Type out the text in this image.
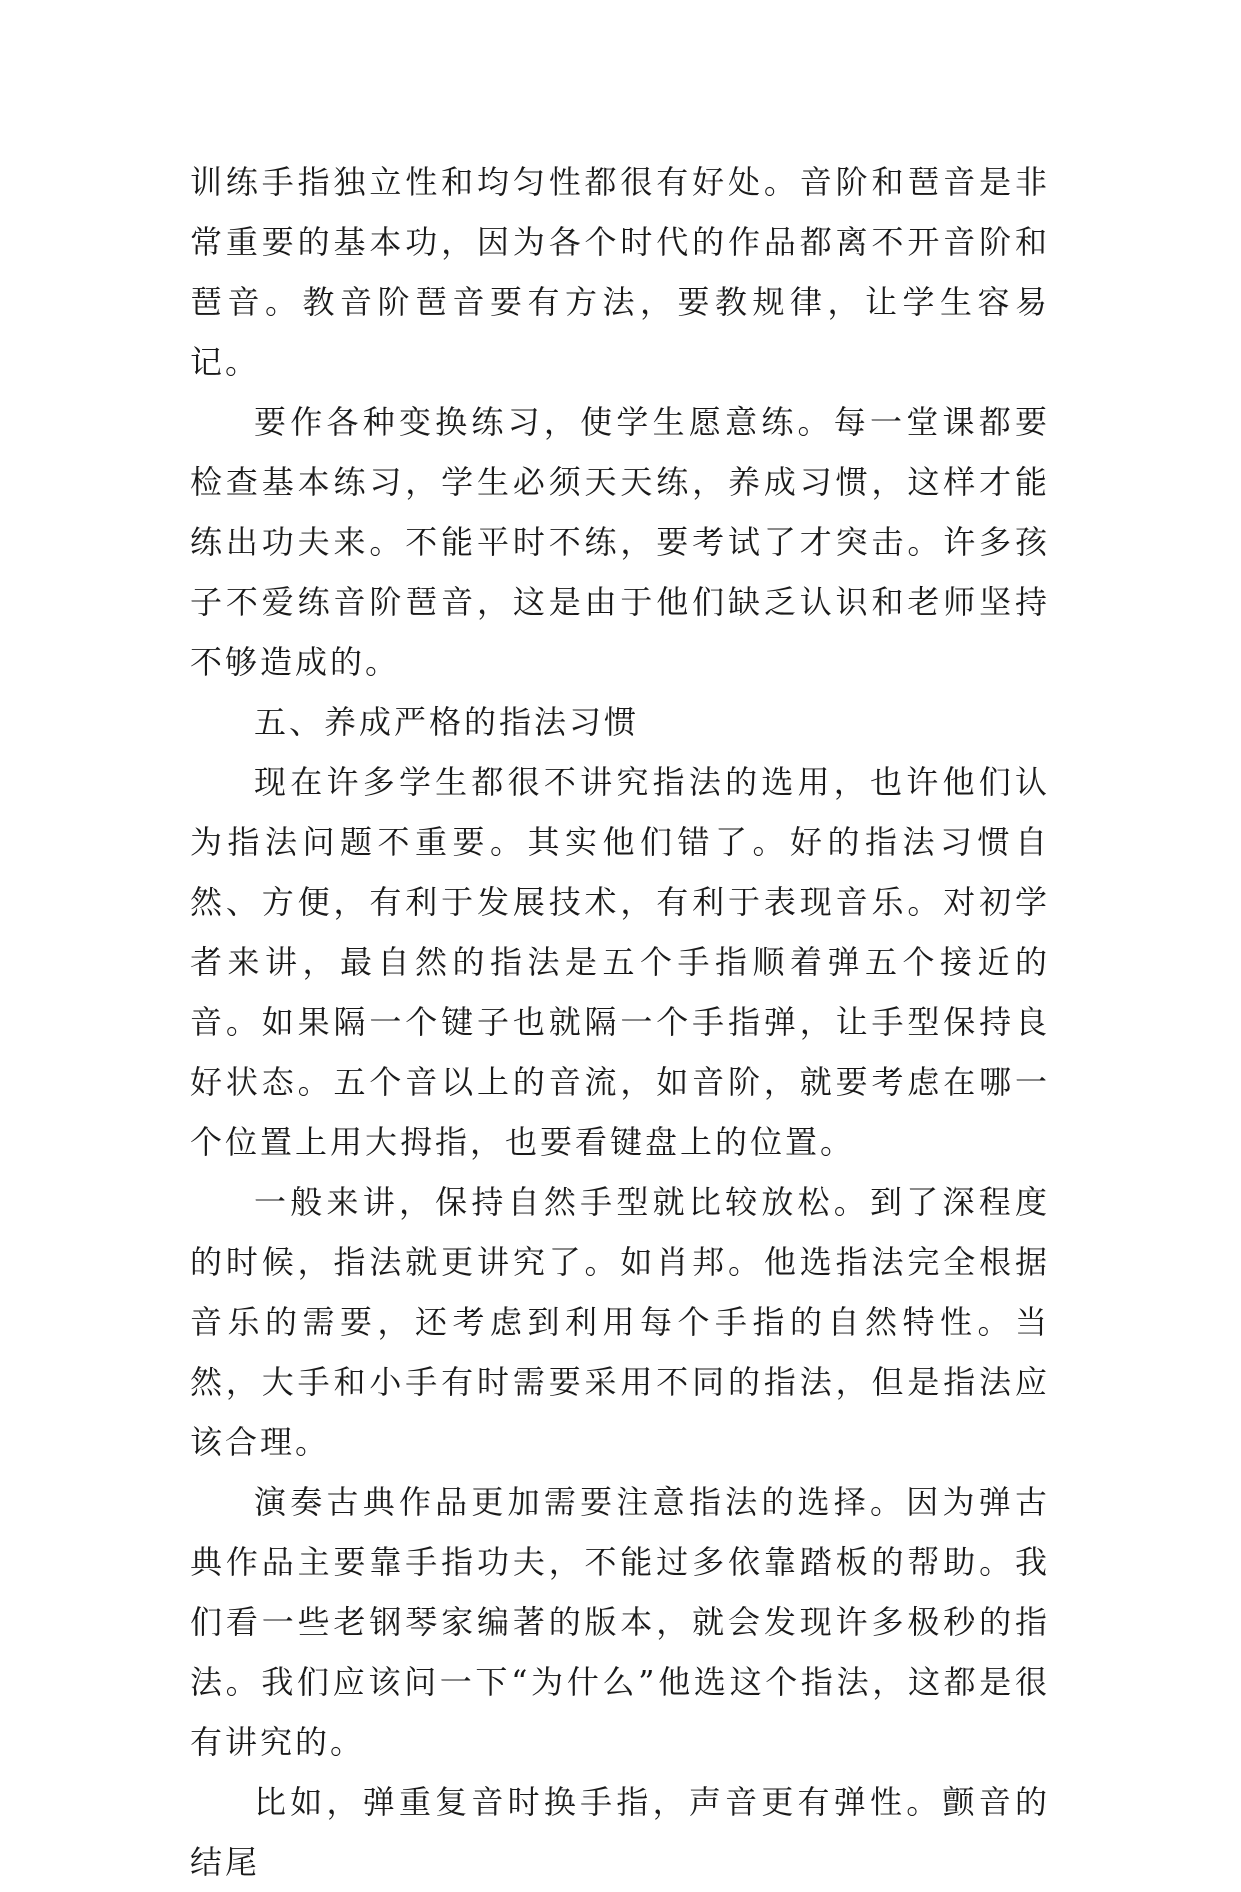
训练手指独立性和均匀性都很有好处。音阶和琶音是非常重要的基本功，因为各个时代的作品都离不开音阶和琶音。教音阶琶音要有方法，要教规律，让学生容易记。

要作各种变换练习，使学生愿意练。每一堂课都要检查基本练习，学生必须天天练，养成习惯，这样才能练出功夫来。不能平时不练，要考试了才突击。许多孩子不爱练音阶琶音，这是由于他们缺乏认识和老师坚持不够造成的。

五、养成严格的指法习惯

现在许多学生都很不讲究指法的选用，也许他们认为指法问题不重要。其实他们错了。好的指法习惯自然、方便，有利于发展技术，有利于表现音乐。对初学者来讲，最自然的指法是五个手指顺着弹五个接近的音。如果隔一个键子也就隔一个手指弹，让手型保持良好状态。五个音以上的音流，如音阶，就要考虑在哪一个位置上用大拇指，也要看键盘上的位置。

一般来讲，保持自然手型就比较放松。到了深程度的时候，指法就更讲究了。如肖邦。他选指法完全根据音乐的需要，还考虑到利用每个手指的自然特性。当然，大手和小手有时需要采用不同的指法，但是指法应该合理。

演奏古典作品更加需要注意指法的选择。因为弹古典作品主要靠手指功夫，不能过多依靠踏板的帮助。我们看一些老钢琴家编著的版本，就会发现许多极秒的指法。我们应该问一下“为什么”他选这个指法，这都是很有讲究的。

比如，弹重复音时换手指，声音更有弹性。颤音的结尾
